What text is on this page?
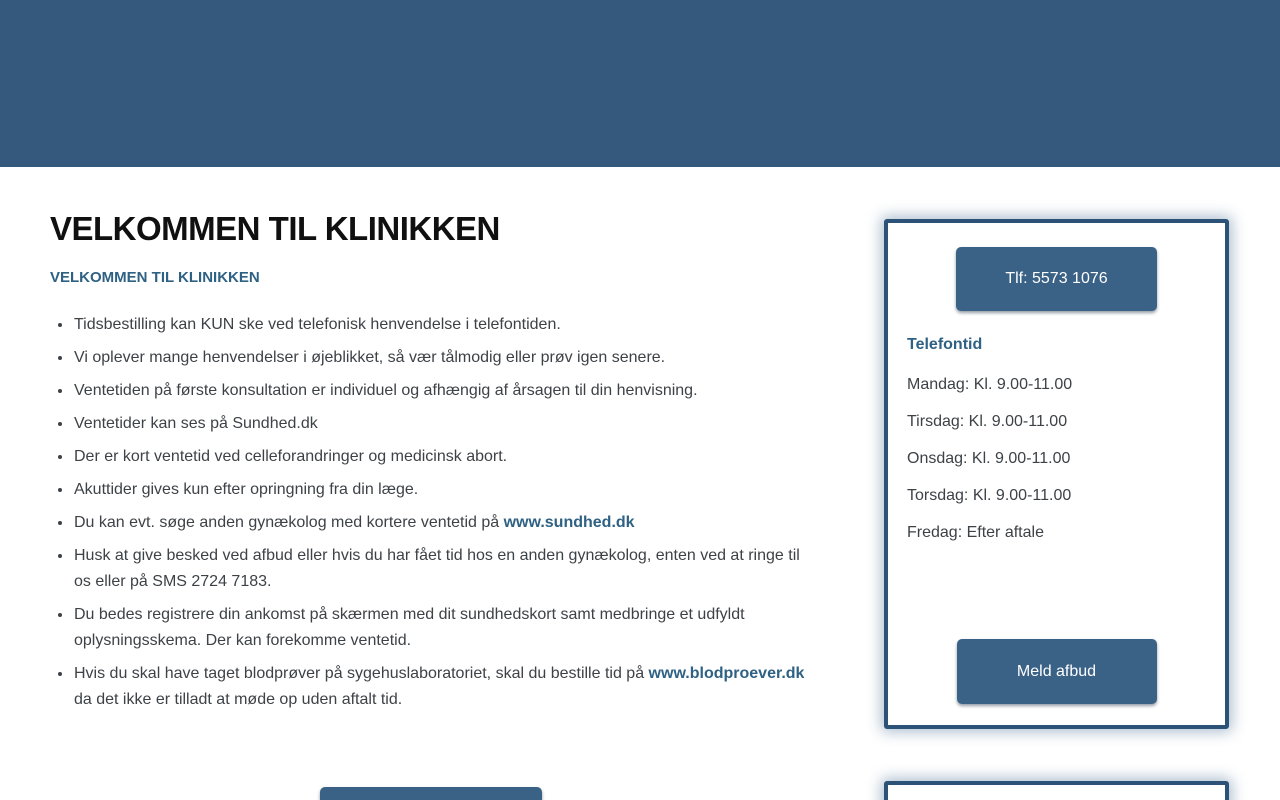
VELKOMMEN TIL KLINIKKEN
VELKOMMEN TIL KLINIKKEN
• Tidsbestilling kan KUN ske ved telefonisk henvendelse i telefontiden.
• Vi oplever mange henvendelser i øjeblikket, så vær tålmodig eller prøv igen senere.
• Ventetiden på første konsultation er individuel og afhængig af årsagen til din henvisning.
• Ventetider kan ses på Sundhed.dk
• Der er kort ventetid ved celleforandringer og medicinsk abort.
• Akuttider gives kun efter opringning fra din læge.
• Du kan evt. søge anden gynækolog med kortere ventetid på www.sundhed.dk
• Husk at give besked ved afbud eller hvis du har fået tid hos en anden gynækolog, enten ved at ringe til os eller på SMS 2724 7183.
• Du bedes registrere din ankomst på skærmen med dit sundhedskort samt medbringe et udfyldt oplysningsskema. Der kan forekomme ventetid.
• Hvis du skal have taget blodprøver på sygehuslaboratoriet, skal du bestille tid på www.blodproever.dk da det ikke er tilladt at møde op uden aftalt tid.
Tlf: 5573 1076
Telefontid

Mandag: Kl. 9.00-11.00

Tirsdag: Kl. 9.00-11.00

Onsdag: Kl. 9.00-11.00

Torsdag: Kl. 9.00-11.00

Fredag: Efter aftale

Meld afbud
